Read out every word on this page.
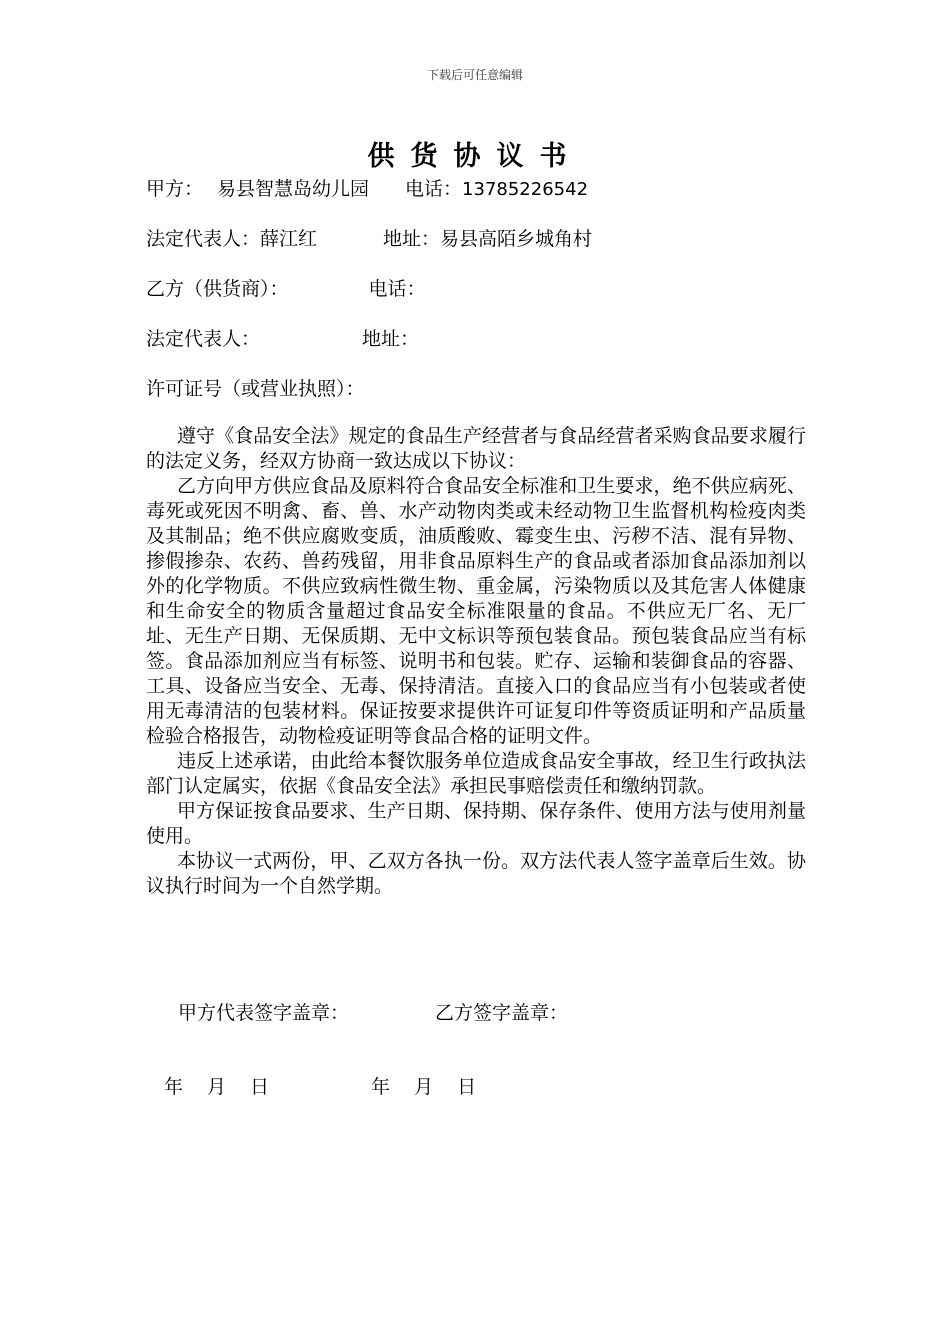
下载后可任意编辑
供货协议书
甲方： 易县智慧岛幼儿园 电话：13785226542
法定代表人：薛江红	地址：易县高陌乡城角村
乙方（供货商）：	电话：
法定代表人：	地址：
许可证号（或营业执照）：

遵守《食品安全法》规定的食品生产经营者与食品经营者采购食品要求履行的法定义务，经双方协商一致达成以下协议：

乙方向甲方供应食品及原料符合食品安全标准和卫生要求，绝不供应病死、毒死或死因不明禽、畜、兽、水产动物肉类或未经动物卫生监督机构检疫肉类及其制品；绝不供应腐败变质，油质酸败、霉变生虫、污秽不洁、混有异物、掺假掺杂、农药、兽药残留，用非食品原料生产的食品或者添加食品添加剂以外的化学物质。不供应致病性微生物、重金属，污染物质以及其危害人体健康和生命安全的物质含量超过食品安全标准限量的食品。不供应无厂名、无厂址、无生产日期、无保质期、无中文标识等预包装食品。预包装食品应当有标签。食品添加剂应当有标签、说明书和包装。贮存、运输和装御食品的容器、工具、设备应当安全、无毒、保持清洁。直接入口的食品应当有小包装或者使用无毒清洁的包装材料。保证按要求提供许可证复印件等资质证明和产品质量检验合格报告，动物检疫证明等食品合格的证明文件。

违反上述承诺，由此给本餐饮服务单位造成食品安全事故，经卫生行政执法部门认定属实，依据《食品安全法》承担民事赔偿责任和缴纳罚款。

甲方保证按食品要求、生产日期、保持期、保存条件、使用方法与使用剂量使用。

本协议一式两份，甲、乙双方各执一份。双方法代表人签字盖章后生效。协议执行时间为一个自然学期。

甲方代表签字盖章：	乙方签字盖章：
年 月 日	年 月 日
